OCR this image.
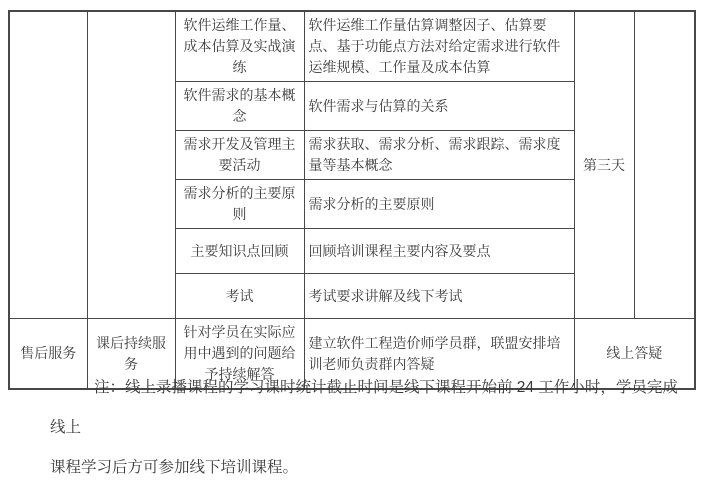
		软件运维工作量、成本估算及实战演练	软件运维工作量估算调整因子、估算要点、基于功能点方法对给定需求进行软件运维规模、工作量及成本估算	第三天	
		软件需求的基本概念	软件需求与估算的关系		
		需求开发及管理主要活动	需求获取、需求分析、需求跟踪、需求度量等基本概念		
		需求分析的主要原则	需求分析的主要原则		
		主要知识点回顾	回顾培训课程主要内容及要点		
		考试	考试要求讲解及线下考试		
售后服务	课后持续服务	针对学员在实际应用中遇到的问题给予持续解答	建立软件工程造价师学员群，联盟安排培训老师负责群内答疑	线上答疑	
注：线上录播课程的学习课时统计截止时间是线下课程开始前 24 工作小时，学员完成线上
课程学习后方可参加线下培训课程。
